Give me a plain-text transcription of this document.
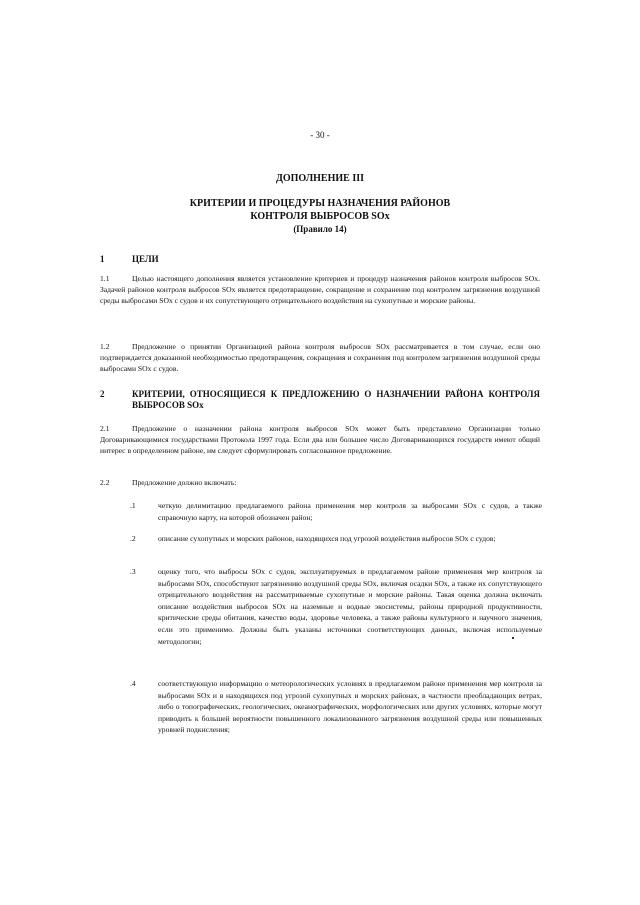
- 30 -
ДОПОЛНЕНИЕ III
КРИТЕРИИ И ПРОЦЕДУРЫ НАЗНАЧЕНИЯ РАЙОНОВ
КОНТРОЛЯ ВЫБРОСОВ SOx
(Правило 14)
1	ЦЕЛИ
1.1	Целью настоящего дополнения является установление критериев и процедур назначения районов контроля выбросов SOx. Задачей районов контроля выбросов SOx является предотвращение, сокращение и сохранение под контролем загрязнения воздушной среды выбросами SOx с судов и их сопутствующего отрицательного воздействия на сухопутные и морские районы.
1.2	Предложение о принятии Организацией района контроля выбросов SOx рассматривается в том случае, если оно подтверждается доказанной необходимостью предотвращения, сокращения и сохранения под контролем загрязнения воздушной среды выбросами SOx с судов.
2	КРИТЕРИИ, ОТНОСЯЩИЕСЯ К ПРЕДЛОЖЕНИЮ О НАЗНАЧЕНИИ РАЙОНА КОНТРОЛЯ ВЫБРОСОВ SOx
2.1	Предложение о назначении района контроля выбросов SOx может быть представлено Организации только Договаривающимися государствами Протокола 1997 года. Если два или большее число Договаривающихся государств имеют общий интерес в определенном районе, им следует сформулировать согласованное предложение.
2.2	Предложение должно включать:
.1	четкую делимитацию предлагаемого района применения мер контроля за выбросами SOx с судов, а также справочную карту, на которой обозначен район;
.2	описание сухопутных и морских районов, находящихся под угрозой воздействия выбросов SOx с судов;
.3	оценку того, что выбросы SOx с судов, эксплуатируемых в предлагаемом районе применения мер контроля за выбросами SOx, способствуют загрязнению воздушной среды SOx, включая осадки SOx, а также их сопутствующего отрицательного воздействия на рассматриваемые сухопутные и морские районы. Такая оценка должна включать описание воздействия выбросов SOx на наземные и водные экосистемы, районы природной продуктивности, критические среды обитания, качество воды, здоровье человека, а также районы культурного и научного значения, если это применимо. Должны быть указаны источники соответствующих данных, включая используемые методологии;
.4	соответствующую информацию о метеорологических условиях в предлагаемом районе применения мер контроля за выбросами SOx и в находящихся под угрозой сухопутных и морских районах, в частности преобладающих ветрах, либо о топографических, геологических, океанографических, морфологических или других условиях, которые могут приводить к большей вероятности повышенного локализованного загрязнения воздушной среды или повышенных уровней подкисления;
